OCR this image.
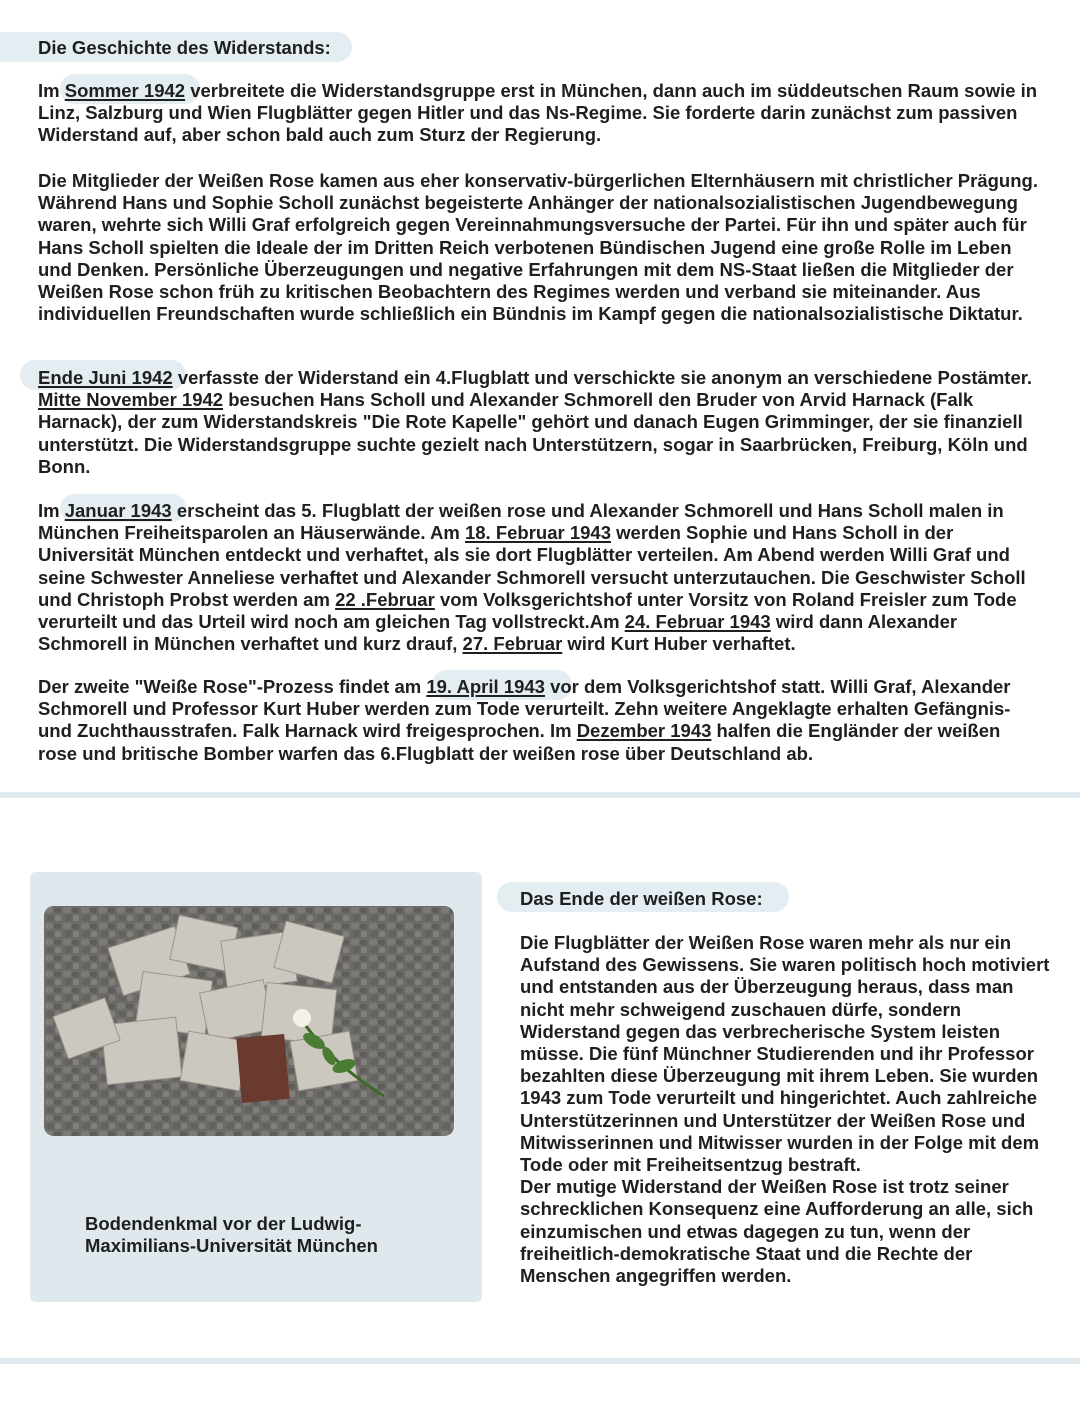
Die Geschichte des Widerstands:

Im Sommer 1942 verbreitete die Widerstandsgruppe erst in München, dann auch im süddeutschen Raum sowie in Linz, Salzburg und Wien Flugblätter gegen Hitler und das Ns-Regime. Sie forderte darin zunächst zum passiven Widerstand auf, aber schon bald auch zum Sturz der Regierung.

Die Mitglieder der Weißen Rose kamen aus eher konservativ-bürgerlichen Elternhäusern mit christlicher Prägung. Während Hans und Sophie Scholl zunächst begeisterte Anhänger der nationalsozialistischen Jugendbewegung waren, wehrte sich Willi Graf erfolgreich gegen Vereinnahmungsversuche der Partei. Für ihn und später auch für Hans Scholl spielten die Ideale der im Dritten Reich verbotenen Bündischen Jugend eine große Rolle im Leben und Denken. Persönliche Überzeugungen und negative Erfahrungen mit dem NS-Staat ließen die Mitglieder der Weißen Rose schon früh zu kritischen Beobachtern des Regimes werden und verband sie miteinander. Aus individuellen Freundschaften wurde schließlich ein Bündnis im Kampf gegen die nationalsozialistische Diktatur.

Ende Juni 1942 verfasste der Widerstand ein 4.Flugblatt und verschickte sie anonym an verschiedene Postämter. Mitte November 1942 besuchen Hans Scholl und Alexander Schmorell den Bruder von Arvid Harnack (Falk Harnack), der zum Widerstandskreis "Die Rote Kapelle" gehört und danach Eugen Grimminger, der sie finanziell unterstützt. Die Widerstandsgruppe suchte gezielt nach Unterstützern, sogar in Saarbrücken, Freiburg, Köln und Bonn.

Im Januar 1943 erscheint das 5. Flugblatt der weißen rose und Alexander Schmorell und Hans Scholl malen in München Freiheitsparolen an Häuserwände. Am 18. Februar 1943 werden Sophie und Hans Scholl in der Universität München entdeckt und verhaftet, als sie dort Flugblätter verteilen. Am Abend werden Willi Graf und seine Schwester Anneliese verhaftet und Alexander Schmorell versucht unterzutauchen. Die Geschwister Scholl und Christoph Probst werden am 22 .Februar vom Volksgerichtshof unter Vorsitz von Roland Freisler zum Tode verurteilt und das Urteil wird noch am gleichen Tag vollstreckt.Am 24. Februar 1943 wird dann Alexander Schmorell in München verhaftet und kurz drauf, 27. Februar wird Kurt Huber verhaftet.

Der zweite "Weiße Rose"-Prozess findet am 19. April 1943 vor dem Volksgerichtshof statt. Willi Graf, Alexander Schmorell und Professor Kurt Huber werden zum Tode verurteilt. Zehn weitere Angeklagte erhalten Gefängnis- und Zuchthausstrafen. Falk Harnack wird freigesprochen. Im Dezember 1943 halfen die Engländer der weißen rose und britische Bomber warfen das 6.Flugblatt der weißen rose über Deutschland ab.

Bodendenkmal vor der Ludwig-Maximilians-Universität München

Das Ende der weißen Rose:

Die Flugblätter der Weißen Rose waren mehr als nur ein Aufstand des Gewissens. Sie waren politisch hoch motiviert und entstanden aus der Überzeugung heraus, dass man nicht mehr schweigend zuschauen dürfe, sondern Widerstand gegen das verbrecherische System leisten müsse. Die fünf Münchner Studierenden und ihr Professor bezahlten diese Überzeugung mit ihrem Leben. Sie wurden 1943 zum Tode verurteilt und hingerichtet. Auch zahlreiche Unterstützerinnen und Unterstützer der Weißen Rose und Mitwisserinnen und Mitwisser wurden in der Folge mit dem Tode oder mit Freiheitsentzug bestraft.
Der mutige Widerstand der Weißen Rose ist trotz seiner schrecklichen Konsequenz eine Aufforderung an alle, sich einzumischen und etwas dagegen zu tun, wenn der freiheitlich-demokratische Staat und die Rechte der Menschen angegriffen werden.
